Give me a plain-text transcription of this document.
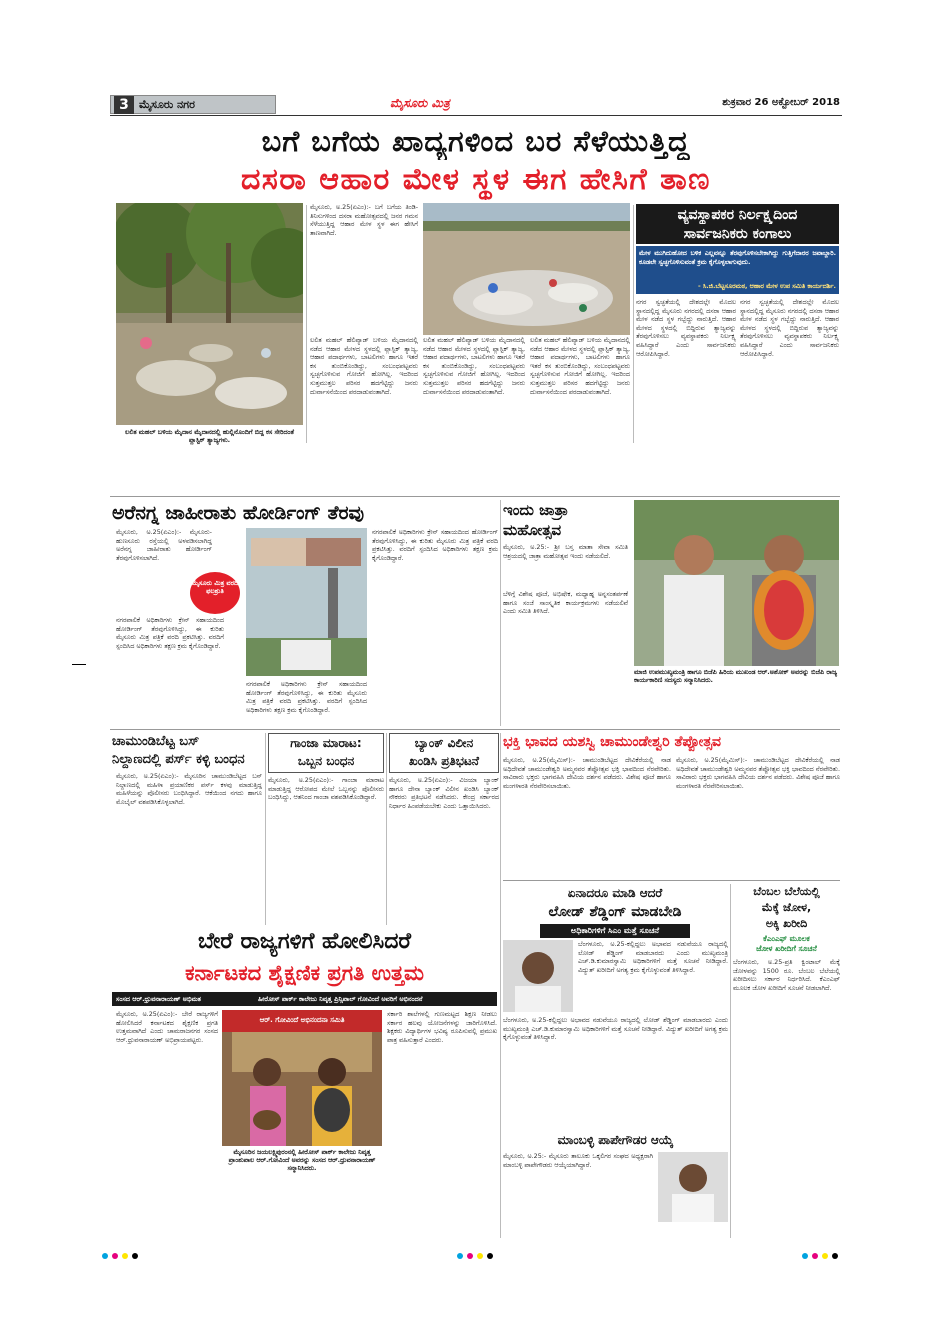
3 ಮೈಸೂರು ನಗರ	ಮೈಸೂರು ಮಿತ್ರ	ಶುಕ್ರವಾರ 26 ಅಕ್ಟೋಬರ್ 2018
ಬಗೆ ಬಗೆಯ ಖಾದ್ಯಗಳಿಂದ ಬರ ಸೆಳೆಯುತ್ತಿದ್ದ
ದಸರಾ ಆಹಾರ ಮೇಳ ಸ್ಥಳ ಈಗ ಹೇಸಿಗೆ ತಾಣ
ಲಲಿತ ಮಹಲ್ ಬಳಿಯ ಮೈದಾನ ಮೈದಾನದಲ್ಲಿ ಹುಲ್ಲಿನೊಂದಿಗೆ ಬಿದ್ದ ಕಸ ಸೇರಿದಂತೆ ಪ್ಲಾಸ್ಟಿಕ್ ತ್ಯಾಜ್ಯಗಳು.
ಮೈಸೂರು, ಅ.25(ಏಎಂ):- ಬಗೆ ಬಗೆಯ ತಿಂಡಿ-ತಿನಿಸುಗಳಿಂದ ದಸರಾ ಮಹೋತ್ಸವದಲ್ಲಿ ಜನರ ಗಮನ ಸೆಳೆಯುತ್ತಿದ್ದ ಆಹಾರ ಮೇಳ ಸ್ಥಳ ಈಗ ಹೇಸಿಗೆ ತಾಣವಾಗಿದೆ.
ಲಲಿತ ಮಹಲ್ ಹೆಲಿಪ್ಯಾಡ್ ಬಳಿಯ ಮೈದಾನದಲ್ಲಿ ನಡೆದ ಆಹಾರ ಮೇಳದ ಸ್ಥಳದಲ್ಲಿ ಪ್ಲಾಸ್ಟಿಕ್ ತ್ಯಾಜ್ಯ, ಆಹಾರ ಪದಾರ್ಥಗಳು, ಬಾಟಲಿಗಳು ಹಾಗೂ ಇತರೆ ಕಸ ತುಂಬಿಕೊಂಡಿದ್ದು, ಸಂಬಂಧಪಟ್ಟವರು ಸ್ವಚ್ಛಗೊಳಿಸುವ ಗೋಜಿಗೆ ಹೋಗಿಲ್ಲ. ಇದರಿಂದ ಸುತ್ತಮುತ್ತಲ ಪರಿಸರ ಹದಗೆಟ್ಟಿದ್ದು ಜನರು ದುರ್ವಾಸನೆಯಿಂದ ಪರದಾಡುವಂತಾಗಿದೆ.
ಲಲಿತ ಮಹಲ್ ಹೆಲಿಪ್ಯಾಡ್ ಬಳಿಯ ಮೈದಾನದಲ್ಲಿ ನಡೆದ ಆಹಾರ ಮೇಳದ ಸ್ಥಳದಲ್ಲಿ ಪ್ಲಾಸ್ಟಿಕ್ ತ್ಯಾಜ್ಯ, ಆಹಾರ ಪದಾರ್ಥಗಳು, ಬಾಟಲಿಗಳು ಹಾಗೂ ಇತರೆ ಕಸ ತುಂಬಿಕೊಂಡಿದ್ದು, ಸಂಬಂಧಪಟ್ಟವರು ಸ್ವಚ್ಛಗೊಳಿಸುವ ಗೋಜಿಗೆ ಹೋಗಿಲ್ಲ. ಇದರಿಂದ ಸುತ್ತಮುತ್ತಲ ಪರಿಸರ ಹದಗೆಟ್ಟಿದ್ದು ಜನರು ದುರ್ವಾಸನೆಯಿಂದ ಪರದಾಡುವಂತಾಗಿದೆ.
ಲಲಿತ ಮಹಲ್ ಹೆಲಿಪ್ಯಾಡ್ ಬಳಿಯ ಮೈದಾನದಲ್ಲಿ ನಡೆದ ಆಹಾರ ಮೇಳದ ಸ್ಥಳದಲ್ಲಿ ಪ್ಲಾಸ್ಟಿಕ್ ತ್ಯಾಜ್ಯ, ಆಹಾರ ಪದಾರ್ಥಗಳು, ಬಾಟಲಿಗಳು ಹಾಗೂ ಇತರೆ ಕಸ ತುಂಬಿಕೊಂಡಿದ್ದು, ಸಂಬಂಧಪಟ್ಟವರು ಸ್ವಚ್ಛಗೊಳಿಸುವ ಗೋಜಿಗೆ ಹೋಗಿಲ್ಲ. ಇದರಿಂದ ಸುತ್ತಮುತ್ತಲ ಪರಿಸರ ಹದಗೆಟ್ಟಿದ್ದು ಜನರು ದುರ್ವಾಸನೆಯಿಂದ ಪರದಾಡುವಂತಾಗಿದೆ.
ವ್ಯವಸ್ಥಾಪಕರ ನಿರ್ಲಕ್ಷ್ಯದಿಂದ
ಸಾರ್ವಜನಿಕರು ಕಂಗಾಲು
ಮೇಳ ಮುಗಿದುಹೋದ ಬಳಿಕ ಎಲ್ಲವನ್ನೂ ತೆರವುಗೊಳಿಸಬೇಕಾಗಿದ್ದು ಗುತ್ತಿಗೆದಾರರ ಜವಾಬ್ದಾರಿ. ಕೂಡಲೇ ಸ್ವಚ್ಛಗೊಳಿಸುವಂತೆ ಕ್ರಮ ಕೈಗೊಳ್ಳಲಾಗುವುದು.
- ಸಿ.ಜಿ.ಬೆಟ್ಟಸೂರಮಠ, ಆಹಾರ ಮೇಳ ಉಪ ಸಮಿತಿ ಕಾರ್ಯದರ್ಶಿ.
ನಗರ ಸ್ವಚ್ಛತೆಯಲ್ಲಿ ದೇಶದಲ್ಲೇ ಮೊದಲ ಸ್ಥಾನದಲ್ಲಿದ್ದ ಮೈಸೂರು ನಗರದಲ್ಲಿ ದಸರಾ ಆಹಾರ ಮೇಳ ನಡೆದ ಸ್ಥಳ ಗಬ್ಬೆದ್ದು ನಾರುತ್ತಿದೆ. ಆಹಾರ ಮೇಳದ ಸ್ಥಳದಲ್ಲಿ ಬಿದ್ದಿರುವ ತ್ಯಾಜ್ಯವನ್ನು ತೆರವುಗೊಳಿಸಲು ವ್ಯವಸ್ಥಾಪಕರು ನಿರ್ಲಕ್ಷ್ಯ ವಹಿಸಿದ್ದಾರೆ ಎಂದು ಸಾರ್ವಜನಿಕರು ಆರೋಪಿಸಿದ್ದಾರೆ.
ನಗರ ಸ್ವಚ್ಛತೆಯಲ್ಲಿ ದೇಶದಲ್ಲೇ ಮೊದಲ ಸ್ಥಾನದಲ್ಲಿದ್ದ ಮೈಸೂರು ನಗರದಲ್ಲಿ ದಸರಾ ಆಹಾರ ಮೇಳ ನಡೆದ ಸ್ಥಳ ಗಬ್ಬೆದ್ದು ನಾರುತ್ತಿದೆ. ಆಹಾರ ಮೇಳದ ಸ್ಥಳದಲ್ಲಿ ಬಿದ್ದಿರುವ ತ್ಯಾಜ್ಯವನ್ನು ತೆರವುಗೊಳಿಸಲು ವ್ಯವಸ್ಥಾಪಕರು ನಿರ್ಲಕ್ಷ್ಯ ವಹಿಸಿದ್ದಾರೆ ಎಂದು ಸಾರ್ವಜನಿಕರು ಆರೋಪಿಸಿದ್ದಾರೆ.
ಅರೆನಗ್ನ ಜಾಹೀರಾತು ಹೋರ್ಡಿಂಗ್ ತೆರವು
ಮೈಸೂರು, ಅ.25(ಏಎಂ):- ಮೈಸೂರು-ಹುಣಸೂರು ರಸ್ತೆಯಲ್ಲಿ ಅಳವಡಿಸಲಾಗಿದ್ದ ಅರೆನಗ್ನ ಜಾಹೀರಾತು ಹೋರ್ಡಿಂಗ್ ತೆರವುಗೊಳಿಸಲಾಗಿದೆ.
ಮೈಸೂರು ಮಿತ್ರ ವರದಿ ಫಲಶ್ರುತಿ
ನಗರಪಾಲಿಕೆ ಅಧಿಕಾರಿಗಳು ಕ್ರೇನ್ ಸಹಾಯದಿಂದ ಹೋರ್ಡಿಂಗ್ ತೆರವುಗೊಳಿಸಿದ್ದು, ಈ ಕುರಿತು ಮೈಸೂರು ಮಿತ್ರ ಪತ್ರಿಕೆ ವರದಿ ಪ್ರಕಟಿಸಿತ್ತು. ವರದಿಗೆ ಸ್ಪಂದಿಸಿದ ಅಧಿಕಾರಿಗಳು ತಕ್ಷಣ ಕ್ರಮ ಕೈಗೊಂಡಿದ್ದಾರೆ.
ನಗರಪಾಲಿಕೆ ಅಧಿಕಾರಿಗಳು ಕ್ರೇನ್ ಸಹಾಯದಿಂದ ಹೋರ್ಡಿಂಗ್ ತೆರವುಗೊಳಿಸಿದ್ದು, ಈ ಕುರಿತು ಮೈಸೂರು ಮಿತ್ರ ಪತ್ರಿಕೆ ವರದಿ ಪ್ರಕಟಿಸಿತ್ತು. ವರದಿಗೆ ಸ್ಪಂದಿಸಿದ ಅಧಿಕಾರಿಗಳು ತಕ್ಷಣ ಕ್ರಮ ಕೈಗೊಂಡಿದ್ದಾರೆ.
ನಗರಪಾಲಿಕೆ ಅಧಿಕಾರಿಗಳು ಕ್ರೇನ್ ಸಹಾಯದಿಂದ ಹೋರ್ಡಿಂಗ್ ತೆರವುಗೊಳಿಸಿದ್ದು, ಈ ಕುರಿತು ಮೈಸೂರು ಮಿತ್ರ ಪತ್ರಿಕೆ ವರದಿ ಪ್ರಕಟಿಸಿತ್ತು. ವರದಿಗೆ ಸ್ಪಂದಿಸಿದ ಅಧಿಕಾರಿಗಳು ತಕ್ಷಣ ಕ್ರಮ ಕೈಗೊಂಡಿದ್ದಾರೆ.
ಇಂದು ಜಾತ್ರಾ
ಮಹೋತ್ಸವ
ಮೈಸೂರು, ಅ.25:- ಶ್ರೀ ಬಸ್ತ ಮಾತಾ ಸೇವಾ ಸಮಿತಿ ಆಶ್ರಯದಲ್ಲಿ ಜಾತ್ರಾ ಮಹೋತ್ಸವ ಇಂದು ನಡೆಯಲಿದೆ.
ಬೆಳಿಗ್ಗೆ ವಿಶೇಷ ಪೂಜೆ, ಅಭಿಷೇಕ, ಮಧ್ಯಾಹ್ನ ಅನ್ನಸಂತರ್ಪಣೆ ಹಾಗೂ ಸಂಜೆ ಸಾಂಸ್ಕೃತಿಕ ಕಾರ್ಯಕ್ರಮಗಳು ನಡೆಯಲಿವೆ ಎಂದು ಸಮಿತಿ ತಿಳಿಸಿದೆ.
ಮಾಜಿ ಉಪಮುಖ್ಯಮಂತ್ರಿ ಹಾಗೂ ಬಿಜೆಪಿ ಹಿರಿಯ ಮುಖಂಡ ಆರ್.ಅಶೋಕ್ ಅವರನ್ನು ಬಿಜೆಪಿ ರಾಜ್ಯ ಕಾರ್ಯಕಾರಿಣಿ ಸದಸ್ಯರು ಸನ್ಮಾನಿಸಿದರು.
ಚಾಮುಂಡಿಬೆಟ್ಟ ಬಸ್
ನಿಲ್ದಾಣದಲ್ಲಿ ಪರ್ಸ್ ಕಳ್ಳಿ ಬಂಧನ
ಮೈಸೂರು, ಅ.25(ಏಎಂ):- ಮೈಸೂರಿನ ಚಾಮುಂಡಿಬೆಟ್ಟದ ಬಸ್ ನಿಲ್ದಾಣದಲ್ಲಿ ಮಹಿಳಾ ಪ್ರಯಾಣಿಕರ ಪರ್ಸ್ ಕಳವು ಮಾಡುತ್ತಿದ್ದ ಮಹಿಳೆಯನ್ನು ಪೊಲೀಸರು ಬಂಧಿಸಿದ್ದಾರೆ. ಆಕೆಯಿಂದ ನಗದು ಹಾಗೂ ಮೊಬೈಲ್ ವಶಪಡಿಸಿಕೊಳ್ಳಲಾಗಿದೆ.
ಗಾಂಜಾ ಮಾರಾಟ:
ಒಬ್ಬನ ಬಂಧನ
ಮೈಸೂರು, ಅ.25(ಏಎಂ):- ಗಾಂಜಾ ಮಾರಾಟ ಮಾಡುತ್ತಿದ್ದ ಆರೋಪದ ಮೇಲೆ ಒಬ್ಬನನ್ನು ಪೊಲೀಸರು ಬಂಧಿಸಿದ್ದು, ಆತನಿಂದ ಗಾಂಜಾ ವಶಪಡಿಸಿಕೊಂಡಿದ್ದಾರೆ.
ಬ್ಯಾಂಕ್ ವಿಲೀನ
ಖಂಡಿಸಿ ಪ್ರತಿಭಟನೆ
ಮೈಸೂರು, ಅ.25(ಏಎಂ):- ವಿಜಯಾ ಬ್ಯಾಂಕ್ ಹಾಗೂ ದೇನಾ ಬ್ಯಾಂಕ್ ವಿಲೀನ ಖಂಡಿಸಿ ಬ್ಯಾಂಕ್ ನೌಕರರು ಪ್ರತಿಭಟನೆ ನಡೆಸಿದರು. ಕೇಂದ್ರ ಸರ್ಕಾರದ ನಿರ್ಧಾರ ಹಿಂಪಡೆಯಬೇಕು ಎಂದು ಒತ್ತಾಯಿಸಿದರು.
ಭಕ್ತಿ ಭಾವದ ಯಶಸ್ವಿ ಚಾಮುಂಡೇಶ್ವರಿ ತೆಪ್ಪೋತ್ಸವ
ಮೈಸೂರು, ಅ.25(ಮೈಮಿಸ್):- ಚಾಮುಂಡಿಬೆಟ್ಟದ ದೇವಿಕೆರೆಯಲ್ಲಿ ನಾಡ ಅಧಿದೇವತೆ ಚಾಮುಂಡೇಶ್ವರಿ ಅಮ್ಮನವರ ತೆಪ್ಪೋತ್ಸವ ಭಕ್ತಿ ಭಾವದಿಂದ ನೆರವೇರಿತು. ಸಾವಿರಾರು ಭಕ್ತರು ಭಾಗವಹಿಸಿ ದೇವಿಯ ದರ್ಶನ ಪಡೆದರು. ವಿಶೇಷ ಪೂಜೆ ಹಾಗೂ ಮಂಗಳಾರತಿ ನೆರವೇರಿಸಲಾಯಿತು.
ಮೈಸೂರು, ಅ.25(ಮೈಮಿಸ್):- ಚಾಮುಂಡಿಬೆಟ್ಟದ ದೇವಿಕೆರೆಯಲ್ಲಿ ನಾಡ ಅಧಿದೇವತೆ ಚಾಮುಂಡೇಶ್ವರಿ ಅಮ್ಮನವರ ತೆಪ್ಪೋತ್ಸವ ಭಕ್ತಿ ಭಾವದಿಂದ ನೆರವೇರಿತು. ಸಾವಿರಾರು ಭಕ್ತರು ಭಾಗವಹಿಸಿ ದೇವಿಯ ದರ್ಶನ ಪಡೆದರು. ವಿಶೇಷ ಪೂಜೆ ಹಾಗೂ ಮಂಗಳಾರತಿ ನೆರವೇರಿಸಲಾಯಿತು.
ಏನಾದರೂ ಮಾಡಿ ಆದರೆ
ಲೋಡ್ ಶೆಡ್ಡಿಂಗ್ ಮಾಡಬೇಡಿ
ಅಧಿಕಾರಿಗಳಿಗೆ ಸಿಎಂ ಮತ್ತೆ ಸೂಚನೆ
ಬೆಂಗಳೂರು, ಅ.25-ಕಲ್ಲಿದ್ದಲು ಅಭಾವದ ನಡುವೆಯೂ ರಾಜ್ಯದಲ್ಲಿ ಲೋಡ್ ಶೆಡ್ಡಿಂಗ್ ಮಾಡಬಾರದು ಎಂದು ಮುಖ್ಯಮಂತ್ರಿ ಎಚ್.ಡಿ.ಕುಮಾರಸ್ವಾಮಿ ಅಧಿಕಾರಿಗಳಿಗೆ ಮತ್ತೆ ಸೂಚನೆ ನೀಡಿದ್ದಾರೆ. ವಿದ್ಯುತ್ ಖರೀದಿಗೆ ಅಗತ್ಯ ಕ್ರಮ ಕೈಗೊಳ್ಳುವಂತೆ ತಿಳಿಸಿದ್ದಾರೆ.
ಬೆಂಗಳೂರು, ಅ.25-ಕಲ್ಲಿದ್ದಲು ಅಭಾವದ ನಡುವೆಯೂ ರಾಜ್ಯದಲ್ಲಿ ಲೋಡ್ ಶೆಡ್ಡಿಂಗ್ ಮಾಡಬಾರದು ಎಂದು ಮುಖ್ಯಮಂತ್ರಿ ಎಚ್.ಡಿ.ಕುಮಾರಸ್ವಾಮಿ ಅಧಿಕಾರಿಗಳಿಗೆ ಮತ್ತೆ ಸೂಚನೆ ನೀಡಿದ್ದಾರೆ. ವಿದ್ಯುತ್ ಖರೀದಿಗೆ ಅಗತ್ಯ ಕ್ರಮ ಕೈಗೊಳ್ಳುವಂತೆ ತಿಳಿಸಿದ್ದಾರೆ.
ಬೆಂಬಲ ಬೆಲೆಯಲ್ಲಿ
ಮೆಕ್ಕೆ ಜೋಳ,
ಅಕ್ಕಿ ಖರೀದಿ
ಕೆಎಂಎಫ್ ಮೂಲಕ
ಜೋಳ ಖರೀದಿಗೆ ಸೂಚನೆ
ಬೆಂಗಳೂರು, ಅ.25-ಪ್ರತಿ ಕ್ವಿಂಟಾಲ್ ಮೆಕ್ಕೆ ಜೋಳವನ್ನು 1500 ರೂ. ಬೆಂಬಲ ಬೆಲೆಯಲ್ಲಿ ಖರೀದಿಸಲು ಸರ್ಕಾರ ನಿರ್ಧರಿಸಿದೆ. ಕೆಎಂಎಫ್ ಮೂಲಕ ಜೋಳ ಖರೀದಿಗೆ ಸೂಚನೆ ನೀಡಲಾಗಿದೆ.
ಬೇರೆ ರಾಜ್ಯಗಳಿಗೆ ಹೋಲಿಸಿದರೆ
ಕರ್ನಾಟಕದ ಶೈಕ್ಷಣಿಕ ಪ್ರಗತಿ ಉತ್ತಮ
ಸಂಸದ ಆರ್.ಧ್ರುವನಾರಾಯಣ್ ಅಭಿಮತ	ಹೀರೋಸ್ ಪಾರ್ಕ್ ಕಾಲೇಜು ನಿವೃತ್ತ ಪ್ರಿನ್ಸಿಪಾಲ್ ಗೋವಿಂದೆ ಅವರಿಗೆ ಅಭಿನಂದನೆ
ಮೈಸೂರು, ಅ.25(ಏಎಂ):- ಬೇರೆ ರಾಜ್ಯಗಳಿಗೆ ಹೋಲಿಸಿದರೆ ಕರ್ನಾಟಕದ ಶೈಕ್ಷಣಿಕ ಪ್ರಗತಿ ಉತ್ತಮವಾಗಿದೆ ಎಂದು ಚಾಮರಾಜನಗರ ಸಂಸದ ಆರ್.ಧ್ರುವನಾರಾಯಣ್ ಅಭಿಪ್ರಾಯಪಟ್ಟರು.
ಆರ್. ಗೋವಿಂದೆ ಅಭಿನಂದನಾ ಸಮಿತಿ
ಮೈಸೂರಿನ ಜಯಲಕ್ಷ್ಮಿಪುರಂನಲ್ಲಿ ಹೀರೋಸ್ ಪಾರ್ಕ್ ಕಾಲೇಜು ನಿವೃತ್ತ ಪ್ರಾಂಶುಪಾಲ ಆರ್.ಗೋವಿಂದೆ ಅವರನ್ನು ಸಂಸದ ಆರ್.ಧ್ರುವನಾರಾಯಣ್ ಸನ್ಮಾನಿಸಿದರು.
ಸರ್ಕಾರಿ ಶಾಲೆಗಳಲ್ಲಿ ಗುಣಮಟ್ಟದ ಶಿಕ್ಷಣ ನೀಡಲು ಸರ್ಕಾರ ಹಲವು ಯೋಜನೆಗಳನ್ನು ಜಾರಿಗೊಳಿಸಿದೆ. ಶಿಕ್ಷಕರು ವಿದ್ಯಾರ್ಥಿಗಳ ಭವಿಷ್ಯ ರೂಪಿಸುವಲ್ಲಿ ಪ್ರಮುಖ ಪಾತ್ರ ವಹಿಸುತ್ತಾರೆ ಎಂದರು.
ಮಾಂಬಳ್ಳಿ ಪಾಪೇಗೌಡರ ಆಯ್ಕೆ
ಮೈಸೂರು, ಅ.25:- ಮೈಸೂರು ತಾಲೂಕು ಒಕ್ಕಲಿಗರ ಸಂಘದ ಅಧ್ಯಕ್ಷರಾಗಿ ಮಾಂಬಳ್ಳಿ ಪಾಪೇಗೌಡರು ಆಯ್ಕೆಯಾಗಿದ್ದಾರೆ.
